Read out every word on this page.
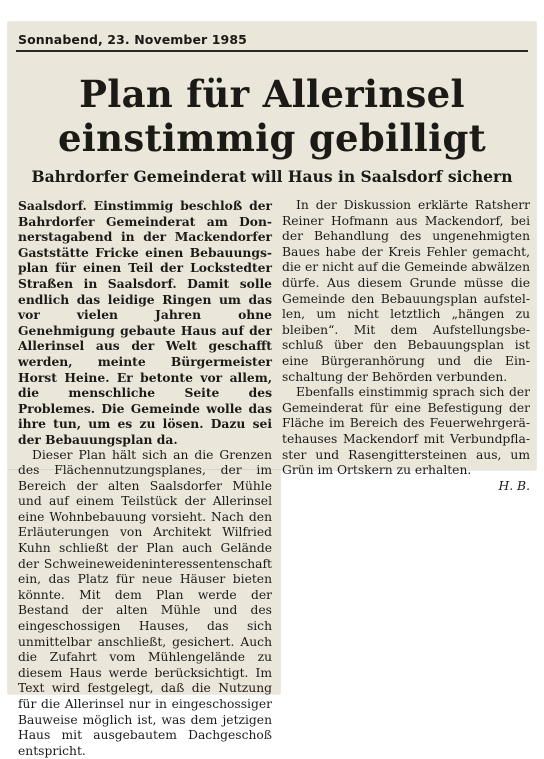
Sonnabend, 23. November 1985
Plan für Allerinsel
einstimmig gebilligt
Bahrdorfer Gemeinderat will Haus in Saalsdorf sichern

Saalsdorf. Einstimmig beschloß der Bahrdorfer Gemeinderat am Donnerstagabend in der Mackendorfer Gaststätte Fricke einen Bebauungsplan für einen Teil der Lockstedter Straßen in Saalsdorf. Damit solle endlich das leidige Ringen um das vor vielen Jahren ohne Genehmigung gebaute Haus auf der Allerinsel aus der Welt geschafft werden, meinte Bürgermeister Horst Heine. Er betonte vor allem, die menschliche Seite des Problemes. Die Gemeinde wolle das ihre tun, um es zu lösen. Dazu sei der Bebauungsplan da.

Dieser Plan hält sich an die Grenzen des Flächennutzungsplanes, der im Bereich der alten Saalsdorfer Mühle und auf einem Teilstück der Allerinsel eine Wohnbebauung vorsieht. Nach den Erläuterungen von Architekt Wilfried Kuhn schließt der Plan auch Gelände der Schweineweideninteressentenschaft ein, das Platz für neue Häuser bieten könnte. Mit dem Plan werde der Bestand der alten Mühle und des eingeschossigen Hauses, das sich unmittelbar anschließt, gesichert. Auch die Zufahrt vom Mühlengelände zu diesem Haus werde berücksichtigt. Im Text wird festgelegt, daß die Nutzung für die Allerinsel nur in eingeschossiger Bauweise möglich ist, was dem jetzigen Haus mit ausgebautem Dachgeschoß entspricht.

In der Diskussion erklärte Ratsherr Reiner Hofmann aus Mackendorf, bei der Behandlung des ungenehmigten Baues habe der Kreis Fehler gemacht, die er nicht auf die Gemeinde abwälzen dürfe. Aus diesem Grunde müsse die Gemeinde den Bebauungsplan aufstellen, um nicht letztlich „hängen zu bleiben“. Mit dem Aufstellungsbeschluß über den Bebauungsplan ist eine Bürgeranhörung und die Einschaltung der Behörden verbunden.

Ebenfalls einstimmig sprach sich der Gemeinderat für eine Befestigung der Fläche im Bereich des Feuerwehrgerätehauses Mackendorf mit Verbundpflaster und Rasengittersteinen aus, um Grün im Ortskern zu erhalten.

H. B.
